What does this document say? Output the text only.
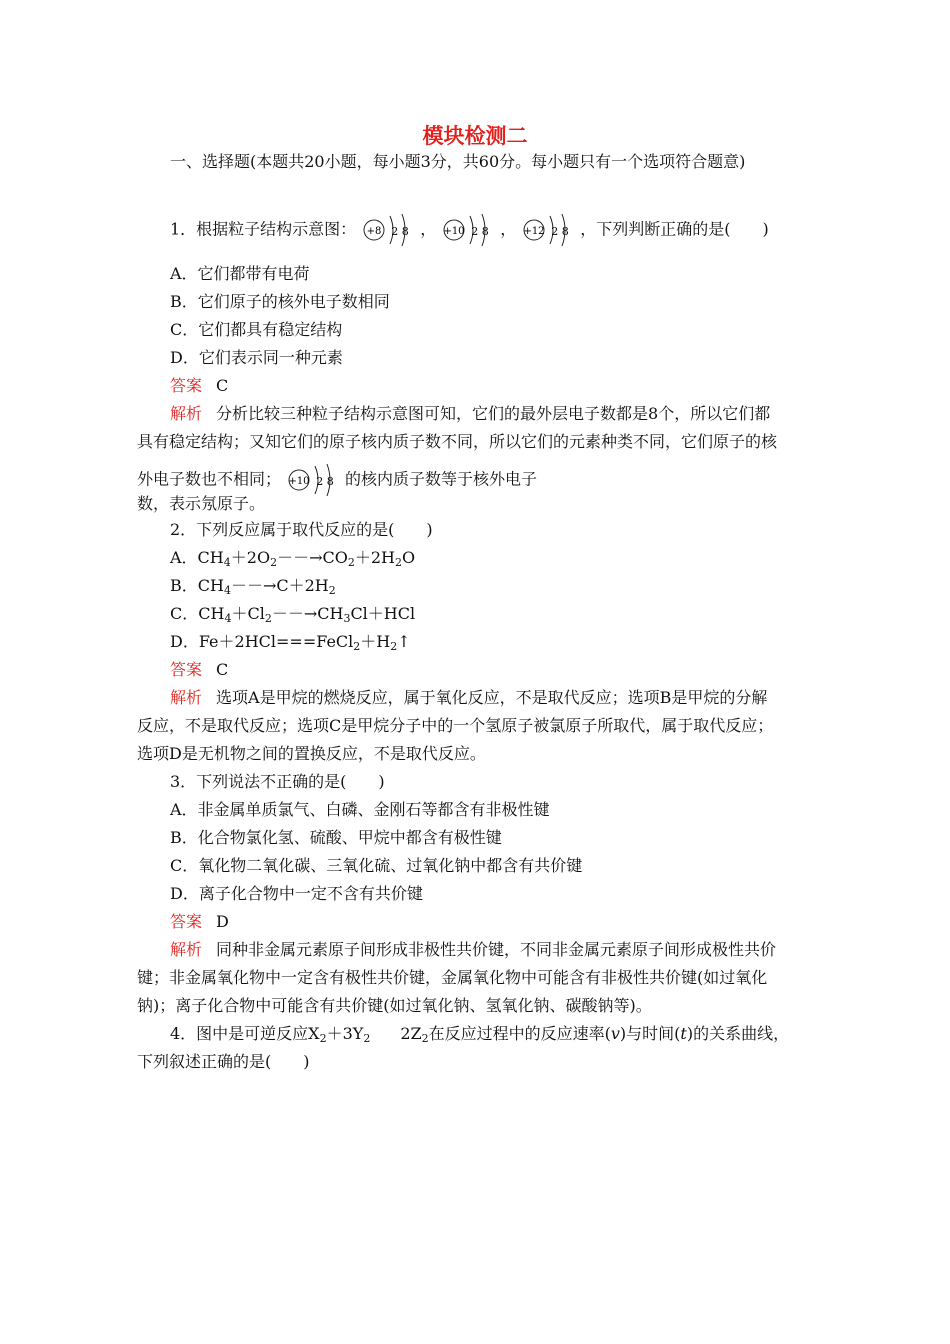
模块检测二
一、选择题(本题共20小题，每小题3分，共60分。每小题只有一个选项符合题意)
1．根据粒子结构示意图： +8 2 8 ， +10 2 8 ， +12 2 8 ，下列判断正确的是(　　)
A．它们都带有电荷
B．它们原子的核外电子数相同
C．它们都具有稳定结构
D．它们表示同一种元素
答案 C
解析 分析比较三种粒子结构示意图可知，它们的最外层电子数都是8个，所以它们都
具有稳定结构；又知它们的原子核内质子数不同，所以它们的元素种类不同，它们原子的核
外电子数也不相同； +10 2 8 的核内质子数等于核外电子
数，表示氖原子。
2．下列反应属于取代反应的是(　　)
A．$CH_4+2O_2--\to CO_2+2H_2O$
B．$CH_4--\to C+2H_2$
C．$CH_4+Cl_2--\to CH_3Cl+HCl$
D．$Fe+2HCl===FeCl_2+H_2↑$
答案 C
解析 选项A是甲烷的燃烧反应，属于氧化反应，不是取代反应；选项B是甲烷的分解
反应，不是取代反应；选项C是甲烷分子中的一个氢原子被氯原子所取代，属于取代反应；
选项D是无机物之间的置换反应，不是取代反应。
3．下列说法不正确的是(　　)
A．非金属单质氯气、白磷、金刚石等都含有非极性键
B．化合物氯化氢、硫酸、甲烷中都含有极性键
C．氧化物二氧化碳、三氧化硫、过氧化钠中都含有共价键
D．离子化合物中一定不含有共价键
答案 D
解析 同种非金属元素原子间形成非极性共价键，不同非金属元素原子间形成极性共价
键；非金属氧化物中一定含有极性共价键，金属氧化物中可能含有非极性共价键(如过氧化
钠)；离子化合物中可能含有共价键(如过氧化钠、氢氧化钠、碳酸钠等)。
4．图中是可逆反应$X_2+3Y_2$ $2Z_2$在反应过程中的反应速率(v)与时间(t)的关系曲线，
下列叙述正确的是(　　)
